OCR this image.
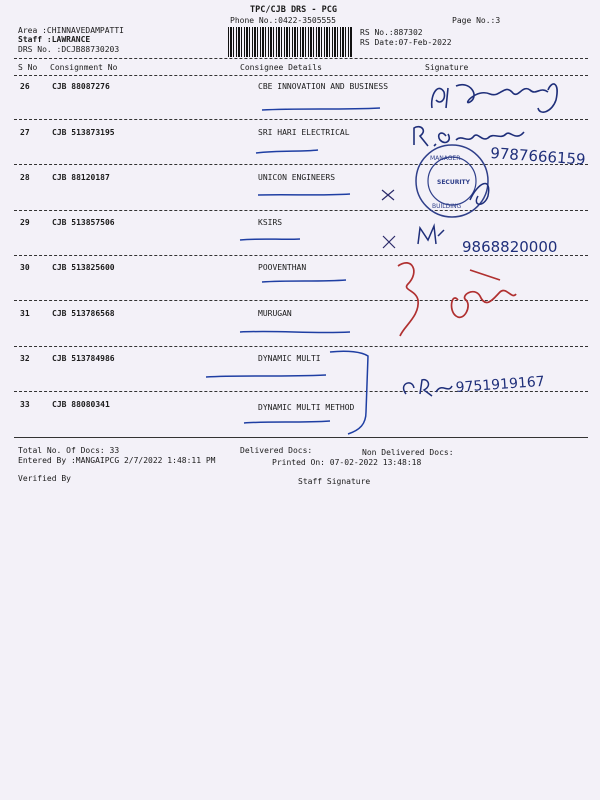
TPC/CJB DRS - PCG
Phone No.:0422-3505555	Page No.:3
Area :CHINNAVEDAMPATTI
Staff :LAWRANCE
DRS No. :DCJB88730203
RS No.:887302
RS Date:07-Feb-2022
S No Consignment No	Consignee Details	Signature
26	CJB 88087276	CBE INNOVATION AND BUSINESS
27	CJB 513873195	SRI HARI ELECTRICAL
28	CJB 88120187	UNICON ENGINEERS
29	CJB 513857506	KSIRS
30	CJB 513825600	POOVENTHAN
31	CJB 513786568	MURUGAN
32	CJB 513784986	DYNAMIC MULTI
33	CJB 88080341	DYNAMIC MULTI METHOD
Total No. Of Docs: 33	Delivered Docs:	Non Delivered Docs:
Entered By :MANGAIPCG 2/7/2022 1:48:11 PM	Printed On: 07-02-2022 13:48:18
Verified By	Staff Signature
9787666159
MANAGER
SECURITY
BUILDING
9868820000
9751919167
